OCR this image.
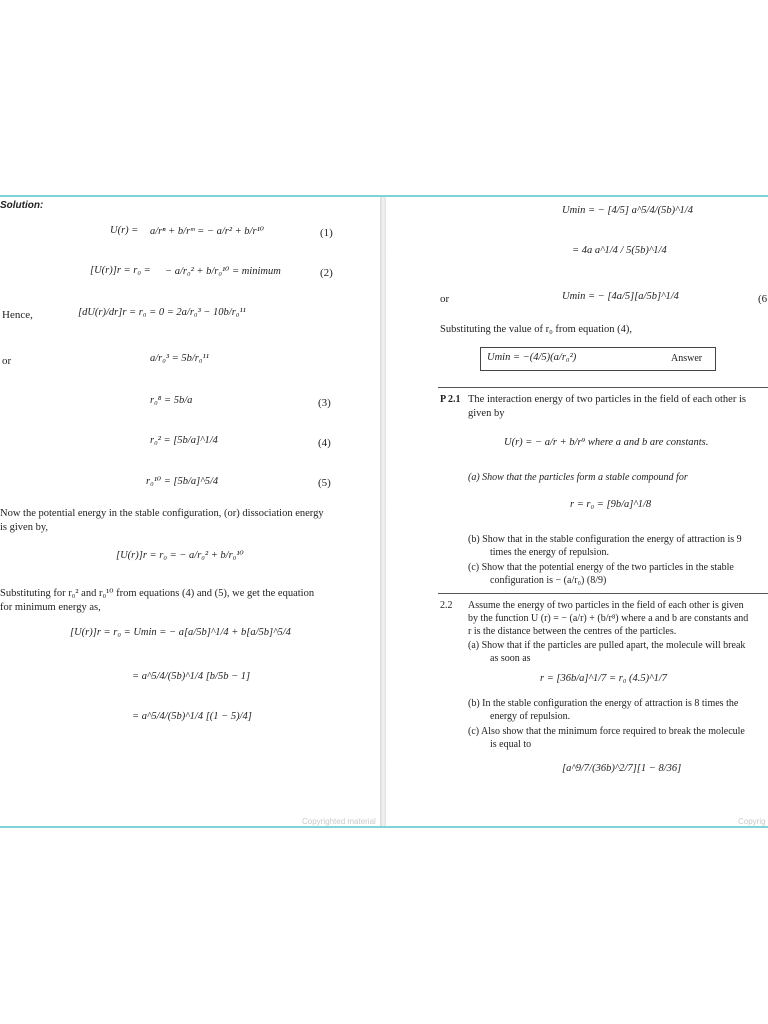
Solution:
U(r) = a/rⁿ + b/rᵐ = − a/r² + b/r¹⁰	(1)
[U(r)]r = r₀ = − a/r₀² + b/r₀¹⁰ = minimum	(2)
Hence,	[dU(r)/dr]r = r₀ = 0 = 2a/r₀³ − 10b/r₀¹¹
or	a/r₀³ = 5b/r₀¹¹
r₀⁸ = 5b/a	(3)
r₀² = [5b/a]^1/4	(4)
r₀¹⁰ = [5b/a]^5/4	(5)
Now the potential energy in the stable configuration, (or) dissociation energy
is given by,
[U(r)]r = r₀ = − a/r₀² + b/r₀¹⁰
Substituting for r₀² and r₀¹⁰ from equations (4) and (5), we get the equation
for minimum energy as,
[U(r)]r = r₀ = Umin = − a[a/5b]^1/4 + b[a/5b]^5/4
= a^5/4/(5b)^1/4 [b/5b − 1]
= a^5/4/(5b)^1/4 [(1 − 5)/4]
Copyrighted material
Umin = − [4/5] a^5/4/(5b)^1/4
= 4a a^1/4 / 5(5b)^1/4
or	Umin = − [4a/5][a/5b]^1/4	(6
Substituting the value of r₀ from equation (4),
Umin = −(4/5)(a/r₀²)	Answer
P 2.1 The interaction energy of two particles in the field of each other is
given by
U(r) = − a/r + b/r⁹ where a and b are constants.
(a) Show that the particles form a stable compound for
r = r₀ = [9b/a]^1/8
(b) Show that in the stable configuration the energy of attraction is 9
times the energy of repulsion.
(c) Show that the potential energy of the two particles in the stable
configuration is − (a/r₀) (8/9)
2.2 Assume the energy of two particles in the field of each other is given
by the function U (r) = − (a/r) + (b/r⁸) where a and b are constants and
r is the distance between the centres of the particles.
(a) Show that if the particles are pulled apart, the molecule will break
as soon as
r = [36b/a]^1/7 = r₀ (4.5)^1/7
(b) In the stable configuration the energy of attraction is 8 times the
energy of repulsion.
(c) Also show that the minimum force required to break the molecule
is equal to
[a^9/7/(36b)^2/7][1 − 8/36]
Copyrig
